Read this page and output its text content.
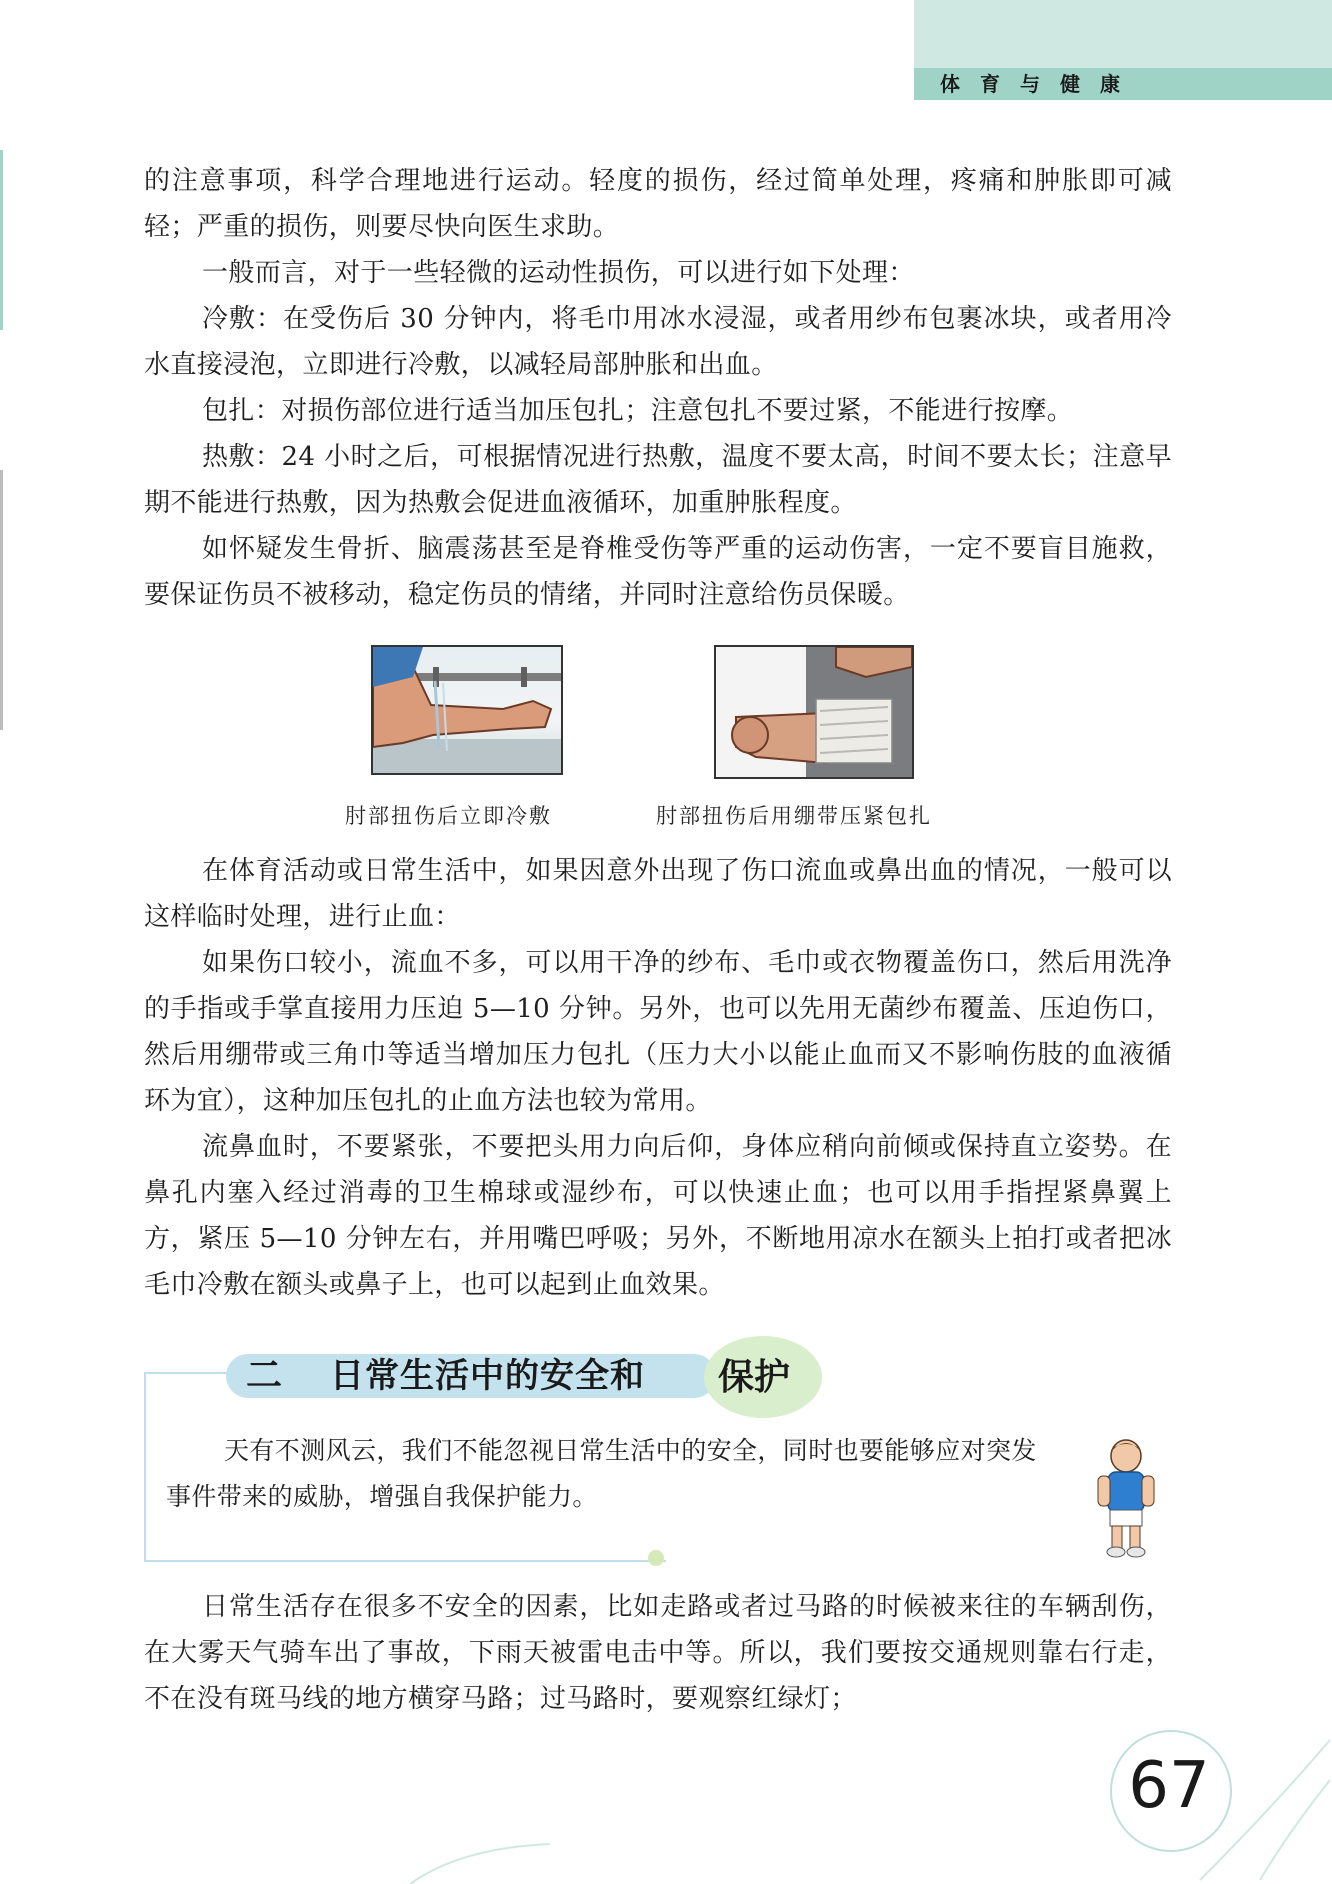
体育与健康

的注意事项，科学合理地进行运动。轻度的损伤，经过简单处理，疼痛和肿胀即可减轻；严重的损伤，则要尽快向医生求助。

一般而言，对于一些轻微的运动性损伤，可以进行如下处理：

冷敷：在受伤后 30 分钟内，将毛巾用冰水浸湿，或者用纱布包裹冰块，或者用冷水直接浸泡，立即进行冷敷，以减轻局部肿胀和出血。

包扎：对损伤部位进行适当加压包扎；注意包扎不要过紧，不能进行按摩。

热敷：24 小时之后，可根据情况进行热敷，温度不要太高，时间不要太长；注意早期不能进行热敷，因为热敷会促进血液循环，加重肿胀程度。

如怀疑发生骨折、脑震荡甚至是脊椎受伤等严重的运动伤害，一定不要盲目施救，要保证伤员不被移动，稳定伤员的情绪，并同时注意给伤员保暖。

肘部扭伤后立即冷敷	肘部扭伤后用绷带压紧包扎

在体育活动或日常生活中，如果因意外出现了伤口流血或鼻出血的情况，一般可以这样临时处理，进行止血：

如果伤口较小，流血不多，可以用干净的纱布、毛巾或衣物覆盖伤口，然后用洗净的手指或手掌直接用力压迫 5—10 分钟。另外，也可以先用无菌纱布覆盖、压迫伤口，然后用绷带或三角巾等适当增加压力包扎（压力大小以能止血而又不影响伤肢的血液循环为宜），这种加压包扎的止血方法也较为常用。

流鼻血时，不要紧张，不要把头用力向后仰，身体应稍向前倾或保持直立姿势。在鼻孔内塞入经过消毒的卫生棉球或湿纱布，可以快速止血；也可以用手指捏紧鼻翼上方，紧压 5—10 分钟左右，并用嘴巴呼吸；另外，不断地用凉水在额头上拍打或者把冰毛巾冷敷在额头或鼻子上，也可以起到止血效果。

二 日常生活中的安全和 保护

天有不测风云，我们不能忽视日常生活中的安全，同时也要能够应对突发事件带来的威胁，增强自我保护能力。

日常生活存在很多不安全的因素，比如走路或者过马路的时候被来往的车辆刮伤，在大雾天气骑车出了事故，下雨天被雷电击中等。所以，我们要按交通规则靠右行走，不在没有斑马线的地方横穿马路；过马路时，要观察红绿灯；

67
